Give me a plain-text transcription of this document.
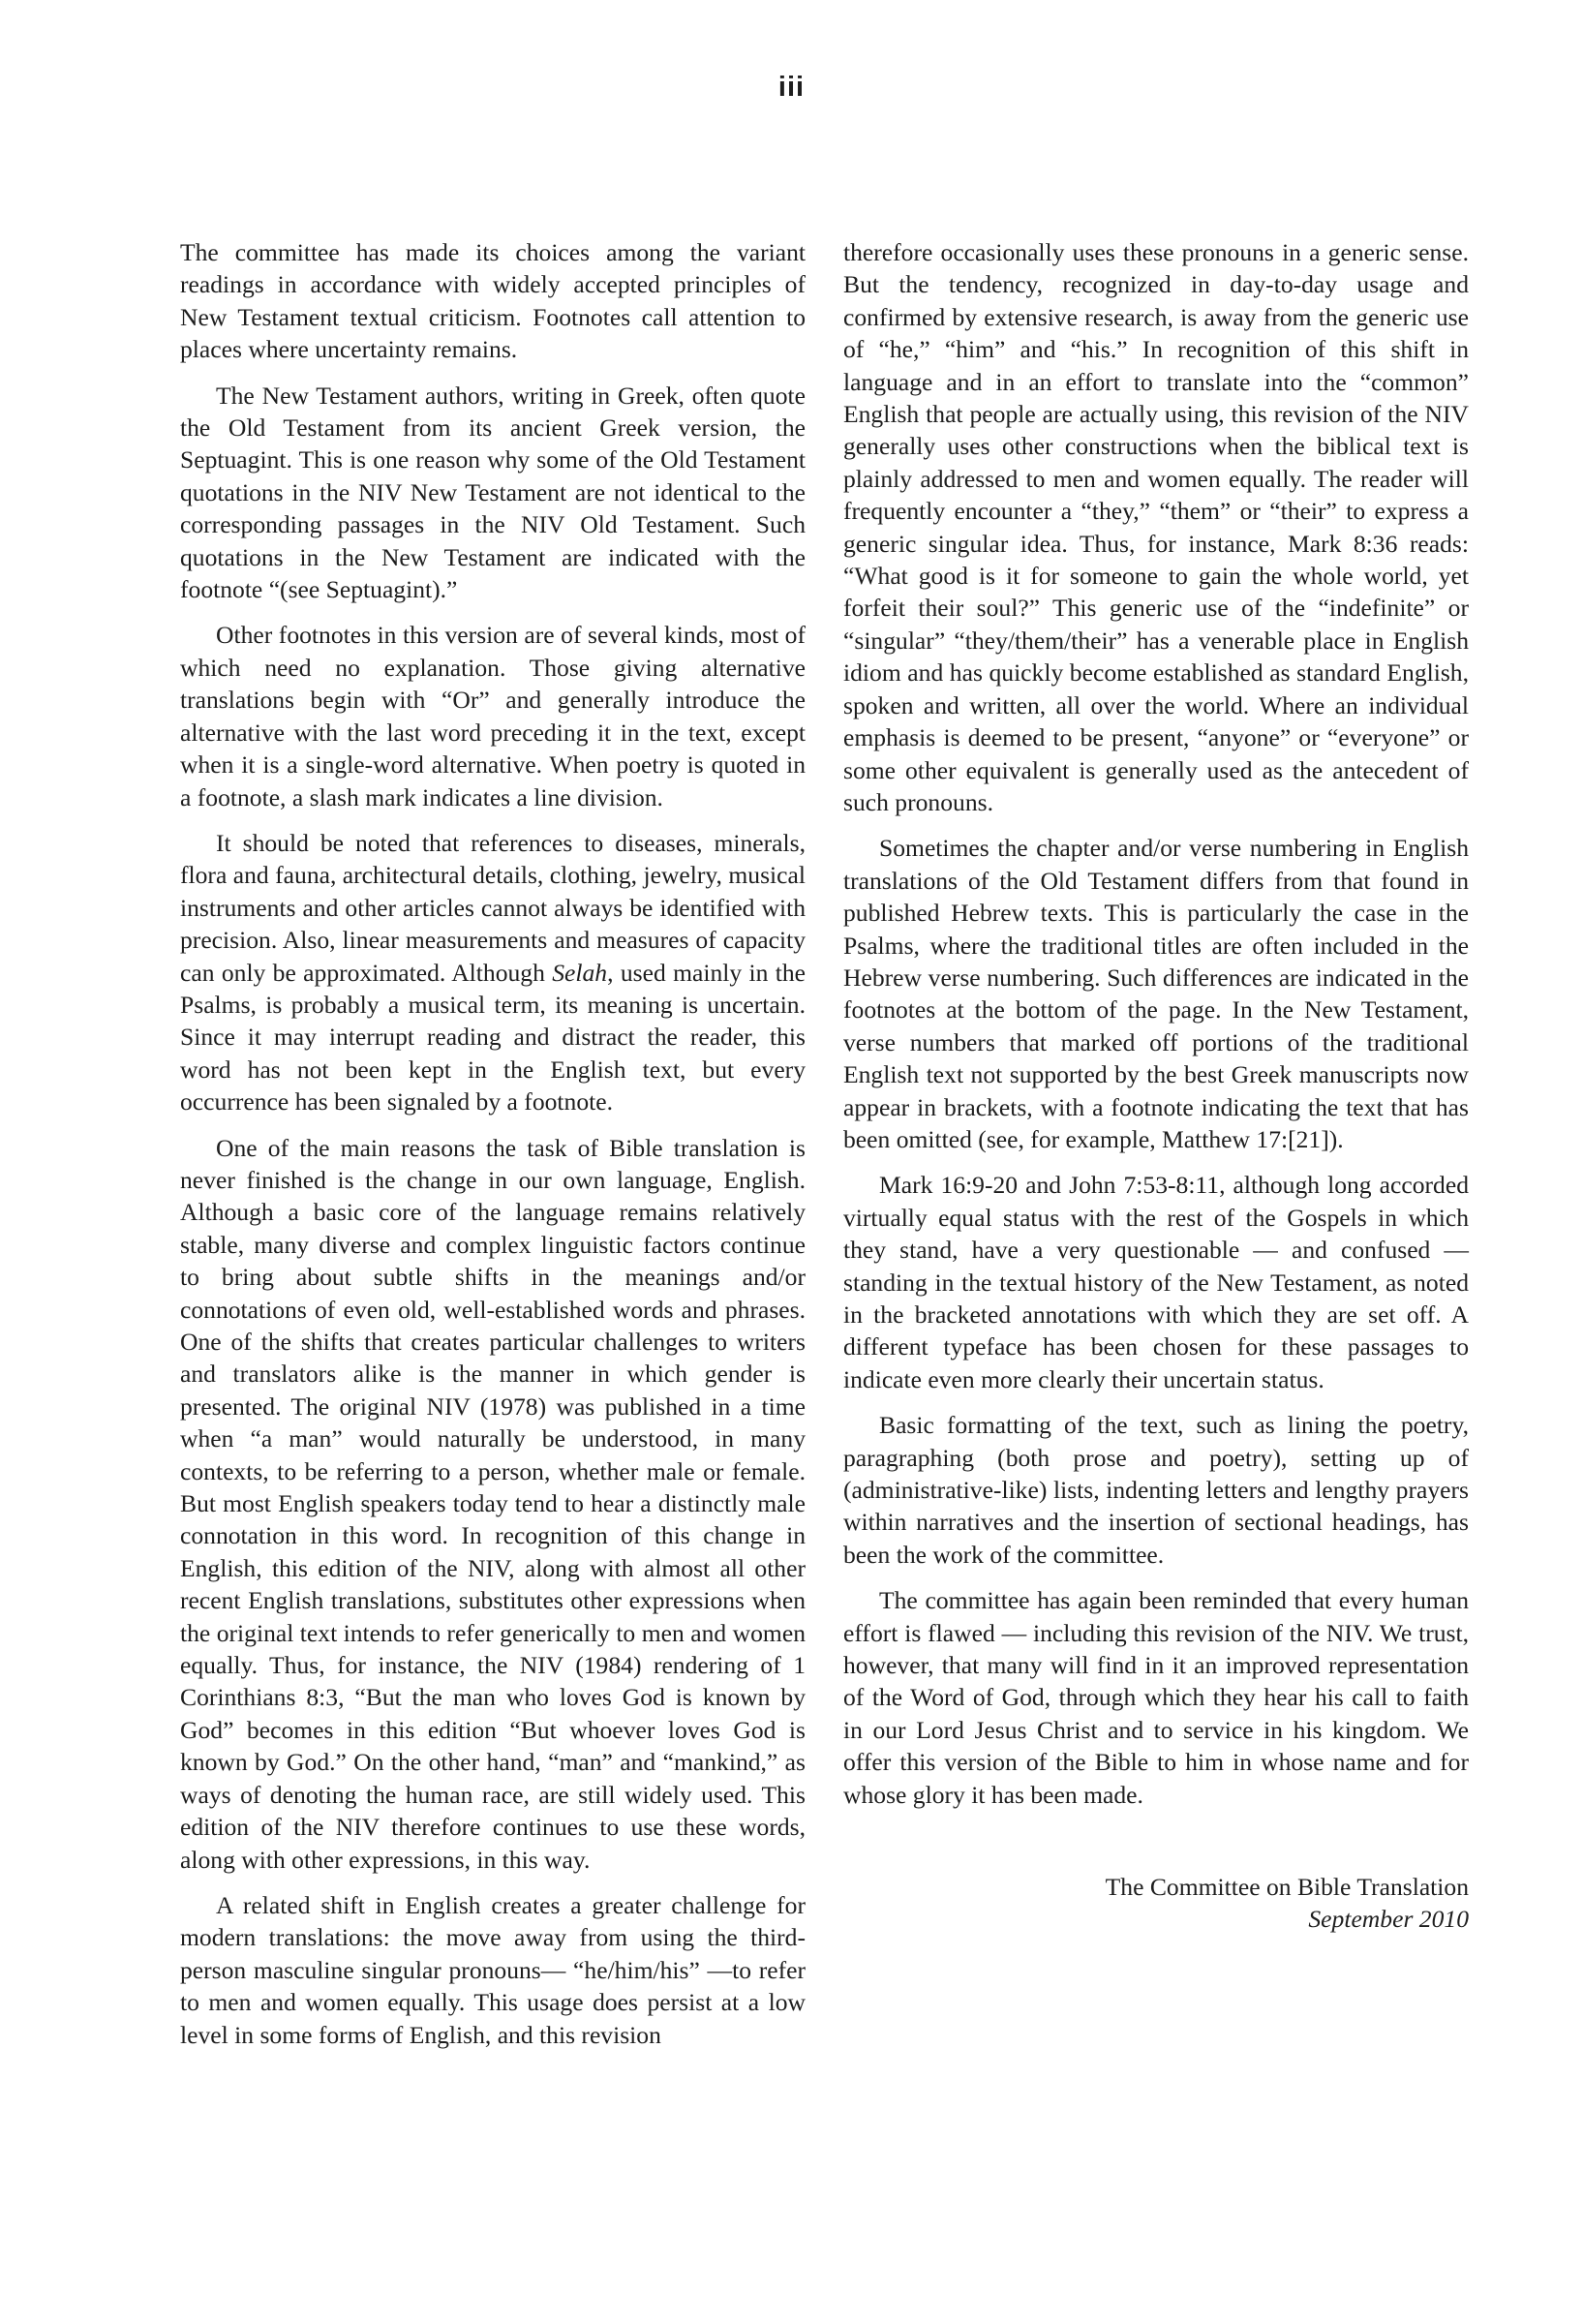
iii

The committee has made its choices among the variant readings in accordance with widely accepted principles of New Testament textual criticism. Footnotes call attention to places where uncertainty remains.

The New Testament authors, writing in Greek, often quote the Old Testament from its ancient Greek version, the Septuagint. This is one reason why some of the Old Testament quotations in the NIV New Testament are not identical to the corresponding passages in the NIV Old Testament. Such quotations in the New Testament are indicated with the footnote “(see Septuagint).”

Other footnotes in this version are of several kinds, most of which need no explanation. Those giving alternative translations begin with “Or” and generally introduce the alternative with the last word preceding it in the text, except when it is a single-word alternative. When poetry is quoted in a footnote, a slash mark indicates a line division.

It should be noted that references to diseases, minerals, flora and fauna, architectural details, clothing, jewelry, musical instruments and other articles cannot always be identified with precision. Also, linear measurements and measures of capacity can only be approximated. Although Selah, used mainly in the Psalms, is probably a musical term, its meaning is uncertain. Since it may interrupt reading and distract the reader, this word has not been kept in the English text, but every occurrence has been signaled by a footnote.

One of the main reasons the task of Bible translation is never finished is the change in our own language, English. Although a basic core of the language remains relatively stable, many diverse and complex linguistic factors continue to bring about subtle shifts in the meanings and/or connotations of even old, well-established words and phrases. One of the shifts that creates particular challenges to writers and translators alike is the manner in which gender is presented. The original NIV (1978) was published in a time when “a man” would naturally be understood, in many contexts, to be referring to a person, whether male or female. But most English speakers today tend to hear a distinctly male connotation in this word. In recognition of this change in English, this edition of the NIV, along with almost all other recent English translations, substitutes other expressions when the original text intends to refer generically to men and women equally. Thus, for instance, the NIV (1984) rendering of 1 Corinthians 8:3, “But the man who loves God is known by God” becomes in this edition “But whoever loves God is known by God.” On the other hand, “man” and “mankind,” as ways of denoting the human race, are still widely used. This edition of the NIV therefore continues to use these words, along with other expressions, in this way.

A related shift in English creates a greater challenge for modern translations: the move away from using the third-person masculine singular pronouns— “he/him/his” —to refer to men and women equally. This usage does persist at a low level in some forms of English, and this revision

therefore occasionally uses these pronouns in a generic sense. But the tendency, recognized in day-to-day usage and confirmed by extensive research, is away from the generic use of “he,” “him” and “his.” In recognition of this shift in language and in an effort to translate into the “common” English that people are actually using, this revision of the NIV generally uses other constructions when the biblical text is plainly addressed to men and women equally. The reader will frequently encounter a “they,” “them” or “their” to express a generic singular idea. Thus, for instance, Mark 8:36 reads: “What good is it for someone to gain the whole world, yet forfeit their soul?” This generic use of the “indefinite” or “singular” “they/them/their” has a venerable place in English idiom and has quickly become established as standard English, spoken and written, all over the world. Where an individual emphasis is deemed to be present, “anyone” or “everyone” or some other equivalent is generally used as the antecedent of such pronouns.

Sometimes the chapter and/or verse numbering in English translations of the Old Testament differs from that found in published Hebrew texts. This is particularly the case in the Psalms, where the traditional titles are often included in the Hebrew verse numbering. Such differences are indicated in the footnotes at the bottom of the page. In the New Testament, verse numbers that marked off portions of the traditional English text not supported by the best Greek manuscripts now appear in brackets, with a footnote indicating the text that has been omitted (see, for example, Matthew 17:[21]).

Mark 16:9-20 and John 7:53-8:11, although long accorded virtually equal status with the rest of the Gospels in which they stand, have a very questionable — and confused — standing in the textual history of the New Testament, as noted in the bracketed annotations with which they are set off. A different typeface has been chosen for these passages to indicate even more clearly their uncertain status.

Basic formatting of the text, such as lining the poetry, paragraphing (both prose and poetry), setting up of (administrative-like) lists, indenting letters and lengthy prayers within narratives and the insertion of sectional headings, has been the work of the committee.

The committee has again been reminded that every human effort is flawed — including this revision of the NIV. We trust, however, that many will find in it an improved representation of the Word of God, through which they hear his call to faith in our Lord Jesus Christ and to service in his kingdom. We offer this version of the Bible to him in whose name and for whose glory it has been made.

The Committee on Bible Translation
September 2010
